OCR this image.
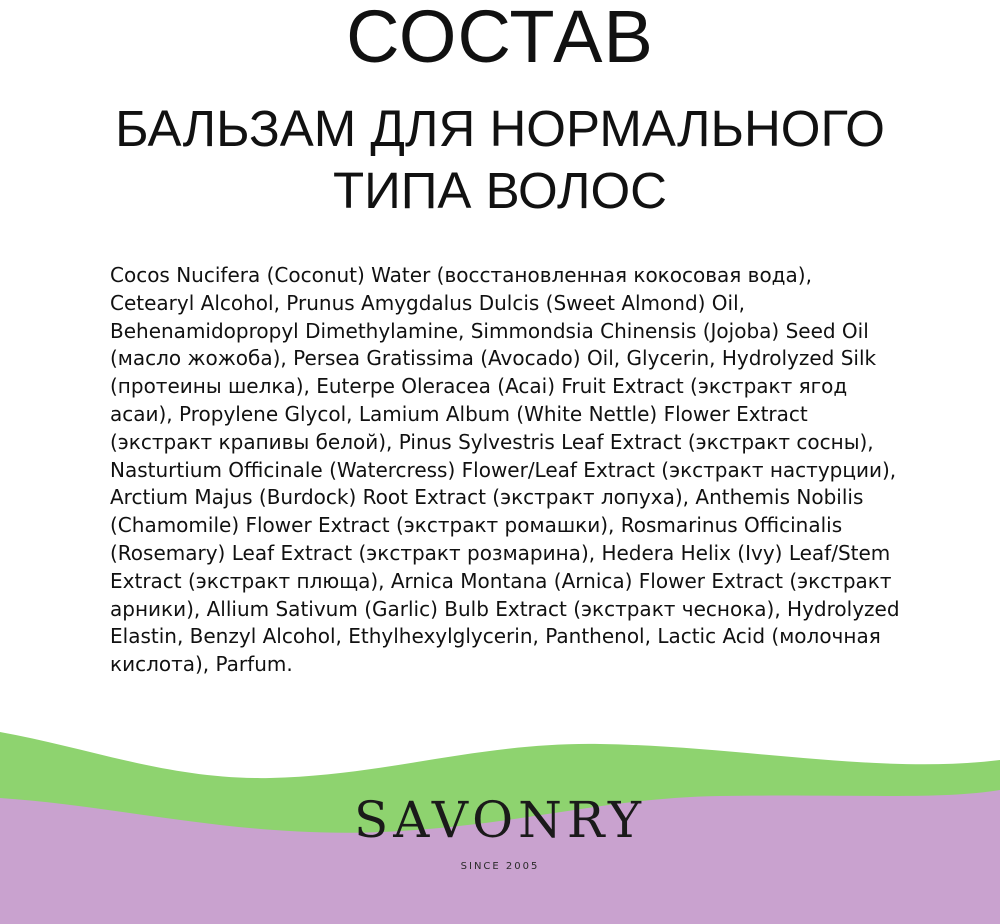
СОСТАВ
БАЛЬЗАМ ДЛЯ НОРМАЛЬНОГО
ТИПА ВОЛОС

Cocos Nucifera (Coconut) Water (восстановленная кокосовая вода), Cetearyl Alcohol, Prunus Amygdalus Dulcis (Sweet Almond) Oil, Behenamidopropyl Dimethylamine, Simmondsia Chinensis (Jojoba) Seed Oil (масло жожоба), Persea Gratissima (Avocado) Oil, Glycerin, Hydrolyzed Silk (протеины шелка), Euterpe Oleracea (Acai) Fruit Extract (экстракт ягод асаи), Propylene Glycol, Lamium Album (White Nettle) Flower Extract (экстракт крапивы белой), Pinus Sylvestris Leaf Extract (экстракт сосны), Nasturtium Officinale (Watercress) Flower/Leaf Extract (экстракт настурции), Arctium Majus (Burdock) Root Extract (экстракт лопуха), Anthemis Nobilis (Chamomile) Flower Extract (экстракт ромашки), Rosmarinus Officinalis (Rosemary) Leaf Extract (экстракт розмарина), Hedera Helix (Ivy) Leaf/Stem Extract (экстракт плюща), Arnica Montana (Arnica) Flower Extract (экстракт арники), Allium Sativum (Garlic) Bulb Extract (экстракт чеснока), Hydrolyzed Elastin, Benzyl Alcohol, Ethylhexylglycerin, Panthenol, Lactic Acid (молочная кислота), Parfum.

SAVONRY
SINCE 2005
